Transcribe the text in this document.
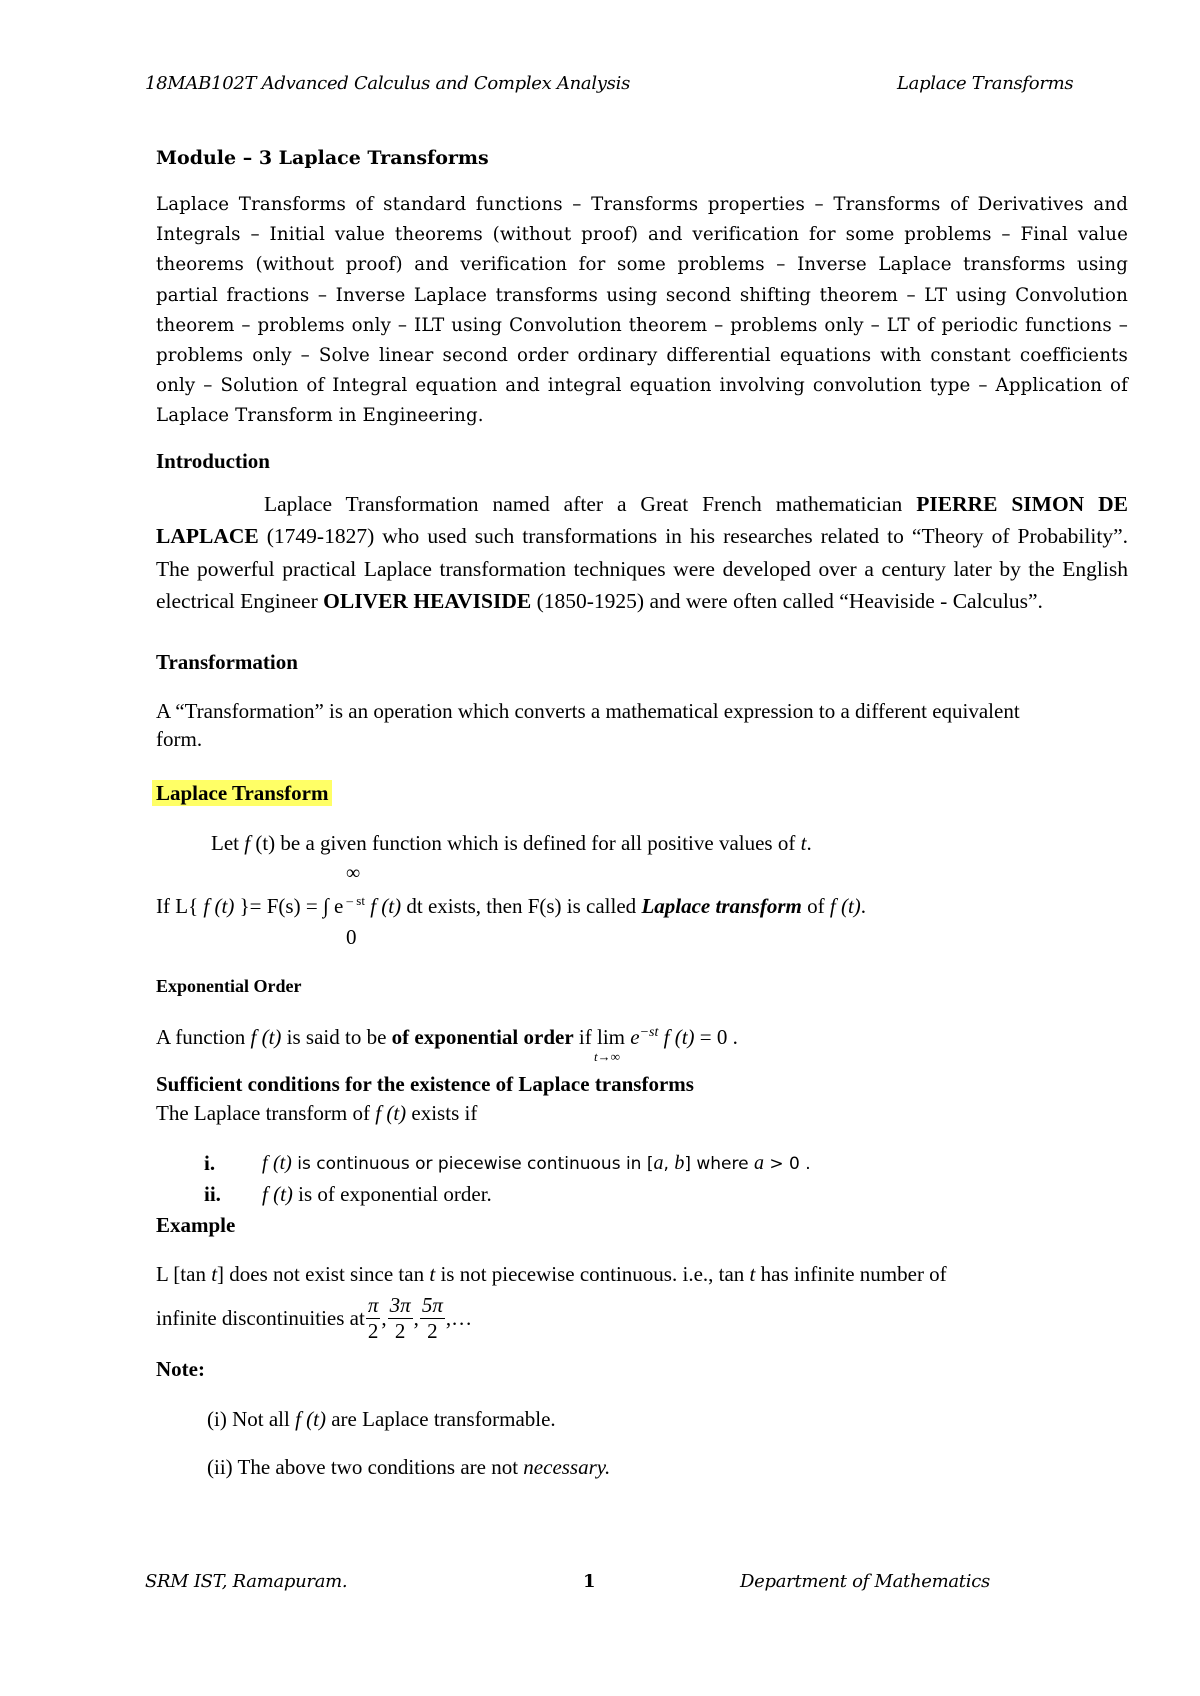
18MAB102T Advanced Calculus and Complex Analysis	Laplace Transforms
Module – 3 Laplace Transforms
Laplace Transforms of standard functions – Transforms properties – Transforms of Derivatives and Integrals – Initial value theorems (without proof) and verification for some problems – Final value theorems (without proof) and verification for some problems – Inverse Laplace transforms using partial fractions – Inverse Laplace transforms using second shifting theorem – LT using Convolution theorem – problems only – ILT using Convolution theorem – problems only – LT of periodic functions – problems only – Solve linear second order ordinary differential equations with constant coefficients only – Solution of Integral equation and integral equation involving convolution type – Application of Laplace Transform in Engineering.
Introduction
Laplace Transformation named after a Great French mathematician PIERRE SIMON DE LAPLACE (1749-1827) who used such transformations in his researches related to “Theory of Probability”. The powerful practical Laplace transformation techniques were developed over a century later by the English electrical Engineer OLIVER HEAVISIDE (1850-1925) and were often called “Heaviside - Calculus”.
Transformation
A “Transformation” is an operation which converts a mathematical expression to a different equivalent form.
Laplace Transform
Let f (t) be a given function which is defined for all positive values of t.
∞
If L{ f (t) }= F(s) = ∫ e $^{- st}$ f (t) dt exists, then F(s) is called Laplace transform of f (t).
0
Exponential Order
A function f (t) is said to be of exponential order if lim
t→∞
$e^{-st}$ f (t) = 0 .
Sufficient conditions for the existence of Laplace transforms
The Laplace transform of f (t) exists if
i. f (t) is continuous or piecewise continuous in [a, b] where a > 0 .
ii. f (t) is of exponential order.
Example
L [tan t] does not exist since tan t is not piecewise continuous. i.e., tan t has infinite number of
infinite discontinuities at $\frac{\pi}{2}$ , $\frac{3\pi}{2}$ , $\frac{5\pi}{2}$ ,…
Note:
(i) Not all f (t) are Laplace transformable.
(ii) The above two conditions are not necessary.
SRM IST, Ramapuram.	1	Department of Mathematics
